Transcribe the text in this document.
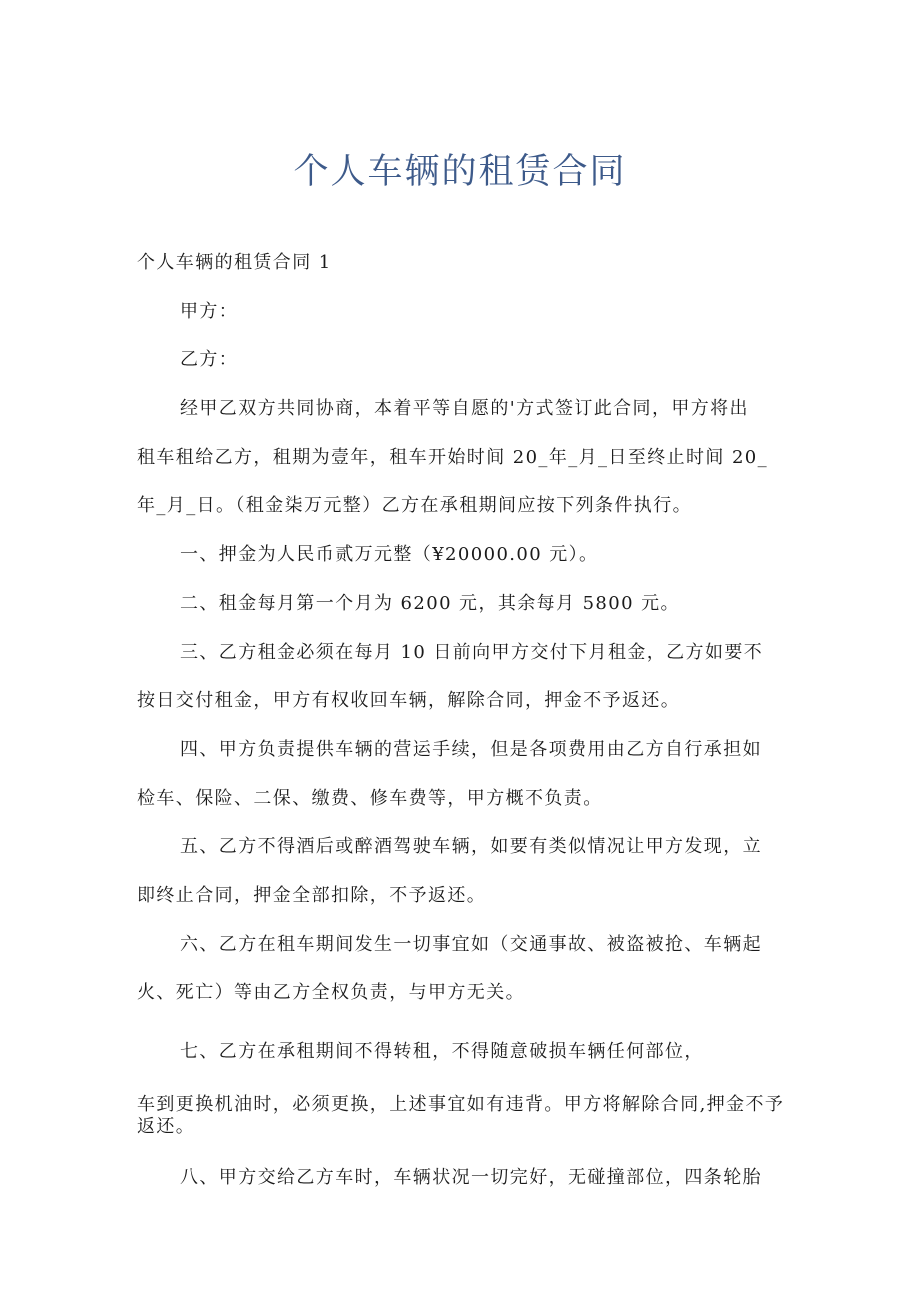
个人车辆的租赁合同
个人车辆的租赁合同 1
甲方：
乙方：
经甲乙双方共同协商，本着平等自愿的'方式签订此合同，甲方将出
租车租给乙方，租期为壹年，租车开始时间 20_年_月_日至终止时间 20_
年_月_日。（租金柒万元整）乙方在承租期间应按下列条件执行。
一、押金为人民币贰万元整（¥20000.00 元）。
二、租金每月第一个月为 6200 元，其余每月 5800 元。
三、乙方租金必须在每月 10 日前向甲方交付下月租金，乙方如要不
按日交付租金，甲方有权收回车辆，解除合同，押金不予返还。
四、甲方负责提供车辆的营运手续，但是各项费用由乙方自行承担如
检车、保险、二保、缴费、修车费等，甲方概不负责。
五、乙方不得酒后或醉酒驾驶车辆，如要有类似情况让甲方发现，立
即终止合同，押金全部扣除，不予返还。
六、乙方在租车期间发生一切事宜如（交通事故、被盗被抢、车辆起
火、死亡）等由乙方全权负责，与甲方无关。
七、乙方在承租期间不得转租，不得随意破损车辆任何部位，
车到更换机油时，必须更换，上述事宜如有违背。甲方将解除合同,押金不予返还。
八、甲方交给乙方车时，车辆状况一切完好，无碰撞部位，四条轮胎
